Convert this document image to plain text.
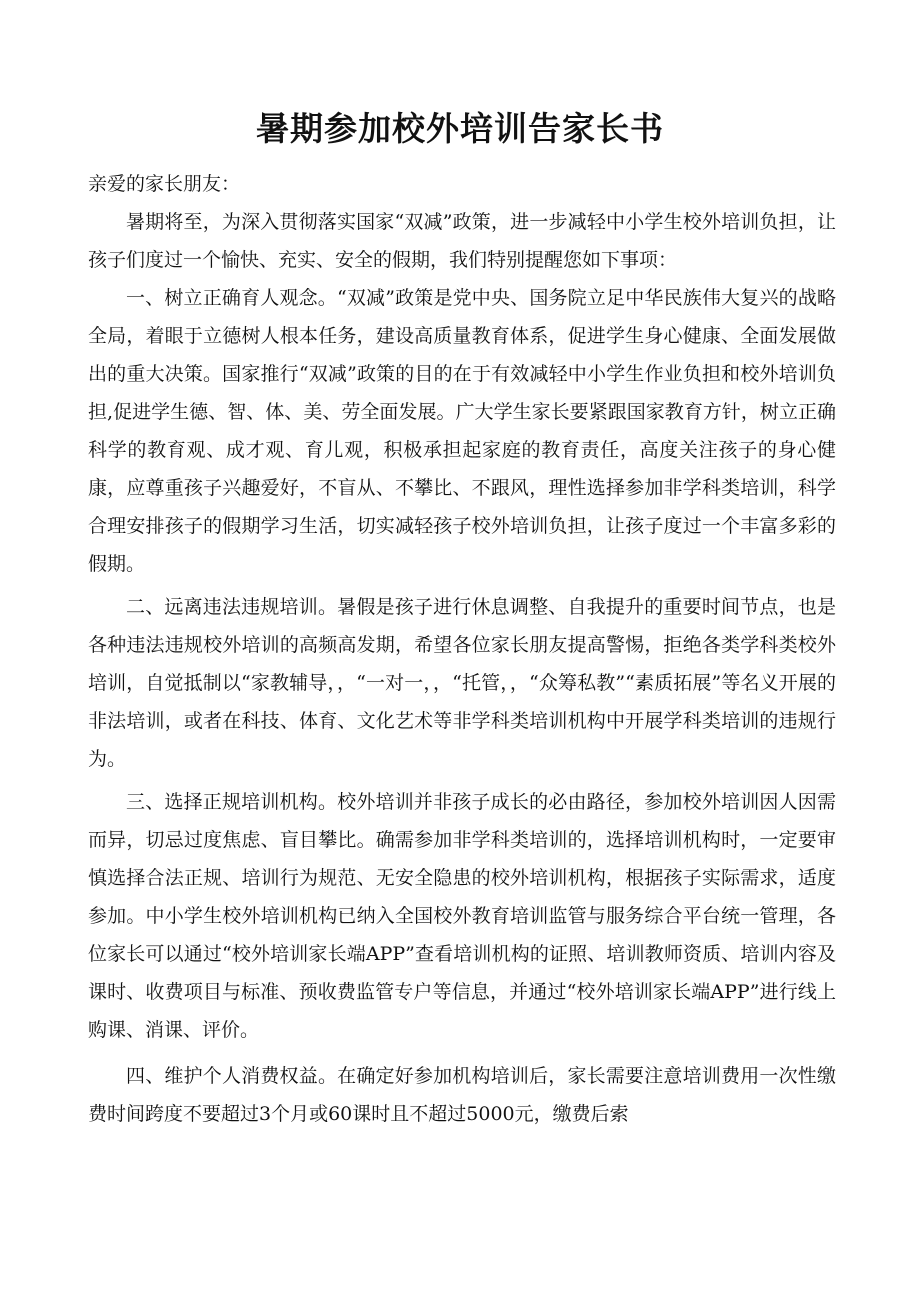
暑期参加校外培训告家长书

亲爱的家长朋友：

暑期将至，为深入贯彻落实国家“双减”政策，进一步减轻中小学生校外培训负担，让孩子们度过一个愉快、充实、安全的假期，我们特别提醒您如下事项：

一、树立正确育人观念。“双减”政策是党中央、国务院立足中华民族伟大复兴的战略全局，着眼于立德树人根本任务，建设高质量教育体系，促进学生身心健康、全面发展做出的重大决策。国家推行“双减”政策的目的在于有效减轻中小学生作业负担和校外培训负担,促进学生德、智、体、美、劳全面发展。广大学生家长要紧跟国家教育方针，树立正确科学的教育观、成才观、育儿观，积极承担起家庭的教育责任，高度关注孩子的身心健康，应尊重孩子兴趣爱好，不盲从、不攀比、不跟风，理性选择参加非学科类培训，科学合理安排孩子的假期学习生活，切实减轻孩子校外培训负担，让孩子度过一个丰富多彩的假期。

二、远离违法违规培训。暑假是孩子进行休息调整、自我提升的重要时间节点，也是各种违法违规校外培训的高频高发期，希望各位家长朋友提高警惕，拒绝各类学科类校外培训，自觉抵制以“家教辅导，，“一对一，，“托管，，“众筹私教”“素质拓展”等名义开展的非法培训，或者在科技、体育、文化艺术等非学科类培训机构中开展学科类培训的违规行为。

三、选择正规培训机构。校外培训并非孩子成长的必由路径，参加校外培训因人因需而异，切忌过度焦虑、盲目攀比。确需参加非学科类培训的，选择培训机构时，一定要审慎选择合法正规、培训行为规范、无安全隐患的校外培训机构，根据孩子实际需求，适度参加。中小学生校外培训机构已纳入全国校外教育培训监管与服务综合平台统一管理，各位家长可以通过“校外培训家长端APP”查看培训机构的证照、培训教师资质、培训内容及课时、收费项目与标准、预收费监管专户等信息，并通过“校外培训家长端APP”进行线上购课、消课、评价。

四、维护个人消费权益。在确定好参加机构培训后，家长需要注意培训费用一次性缴费时间跨度不要超过3个月或60课时且不超过5000元，缴费后索
